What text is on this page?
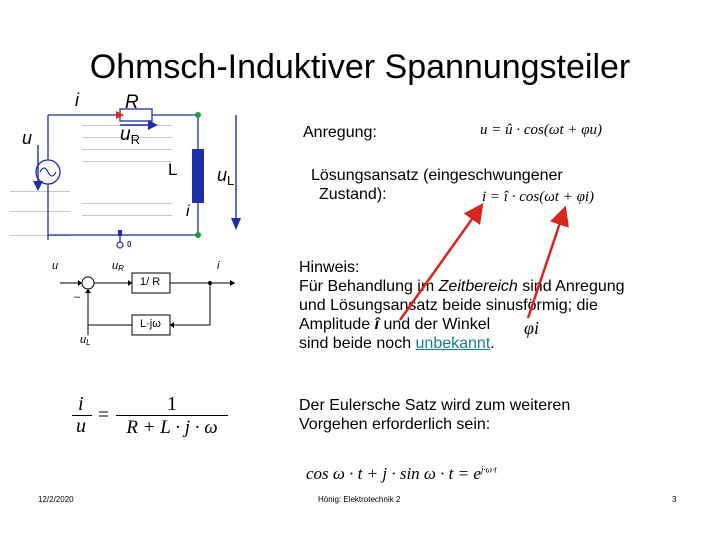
Ohmsch-Induktiver Spannungsteiler
i R
u	$u_R$
L $u_L$
i
0
u	uR
1/ R
i
–
L·jω
uL
i
u =	1
R + L · j · ω
Anregung:	u = û · cos(ωt + φu)
Lösungsansatz (eingeschwungener
Zustand):	i = î · cos(ωt + φi)
Hinweis:
Für Behandlung im Zeitbereich sind Anregung
und Lösungsansatz beide sinusförmig; die
Amplitude î und der Winkel
sind beide noch unbekannt.
φi
Der Eulersche Satz wird zum weiteren
Vorgehen erforderlich sein:
$\cos \omega \cdot t + j \cdot \sin \omega \cdot t = e^{j\cdot\omega\cdot t}$
12/2/2020	Hönig: Elektrotechnik 2	3
